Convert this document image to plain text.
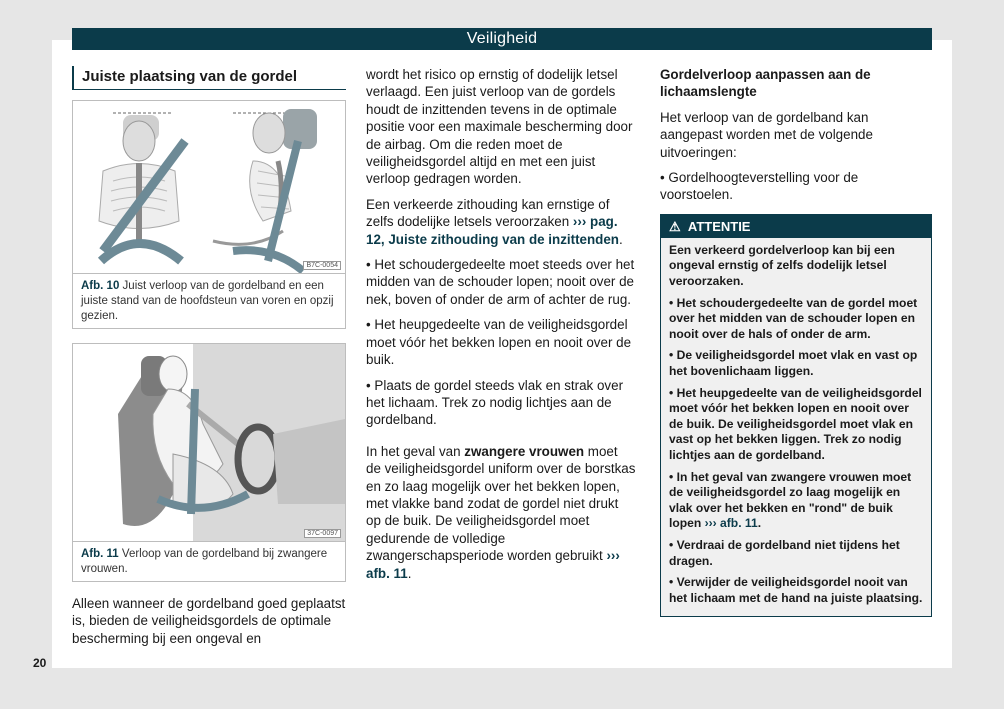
Veiligheid
Juiste plaatsing van de gordel
B7C-0054
Afb. 10 Juist verloop van de gordelband en een juiste stand van de hoofdsteun van voren en opzij gezien.
37C-0097
Afb. 11 Verloop van de gordelband bij zwangere vrouwen.

Alleen wanneer de gordelband goed geplaatst is, bieden de veiligheidsgordels de optimale bescherming bij een ongeval en

wordt het risico op ernstig of dodelijk letsel verlaagd. Een juist verloop van de gordels houdt de inzittenden tevens in de optimale positie voor een maximale bescherming door de airbag. Om die reden moet de veiligheidsgordel altijd en met een juist verloop gedragen worden.

Een verkeerde zithouding kan ernstige of zelfs dodelijke letsels veroorzaken ››› pag. 12, Juiste zithouding van de inzittenden.

• Het schoudergedeelte moet steeds over het midden van de schouder lopen; nooit over de nek, boven of onder de arm of achter de rug.

• Het heupgedeelte van de veiligheidsgordel moet vóór het bekken lopen en nooit over de buik.

• Plaats de gordel steeds vlak en strak over het lichaam. Trek zo nodig lichtjes aan de gordelband.

In het geval van zwangere vrouwen moet de veiligheidsgordel uniform over de borstkas en zo laag mogelijk over het bekken lopen, met vlakke band zodat de gordel niet drukt op de buik. De veiligheidsgordel moet gedurende de volledige zwangerschapsperiode worden gebruikt ››› afb. 11.

Gordelverloop aanpassen aan de lichaamslengte

Het verloop van de gordelband kan aangepast worden met de volgende uitvoeringen:

• Gordelhoogteverstelling voor de voorstoelen.

⚠ ATTENTIE

Een verkeerd gordelverloop kan bij een ongeval ernstig of zelfs dodelijk letsel veroorzaken.

• Het schoudergedeelte van de gordel moet over het midden van de schouder lopen en nooit over de hals of onder de arm.

• De veiligheidsgordel moet vlak en vast op het bovenlichaam liggen.

• Het heupgedeelte van de veiligheidsgordel moet vóór het bekken lopen en nooit over de buik. De veiligheidsgordel moet vlak en vast op het bekken liggen. Trek zo nodig lichtjes aan de gordelband.

• In het geval van zwangere vrouwen moet de veiligheidsgordel zo laag mogelijk en vlak over het bekken en "rond" de buik lopen ››› afb. 11.

• Verdraai de gordelband niet tijdens het dragen.

• Verwijder de veiligheidsgordel nooit van het lichaam met de hand na juiste plaatsing.

20
